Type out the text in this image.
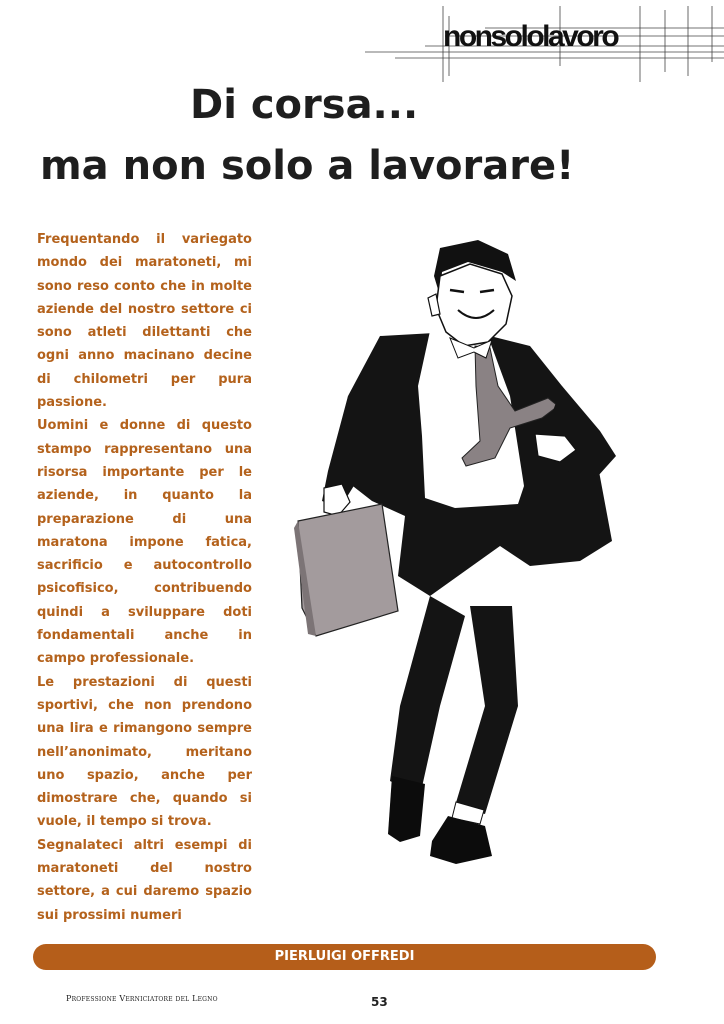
nonsololavoro
Di corsa...
ma non solo a lavorare!

Frequentando il variegato mondo dei maratoneti, mi sono reso conto che in molte aziende del nostro settore ci sono atleti dilettanti che ogni anno macinano decine di chilometri per pura passione.

Uomini e donne di questo stampo rappresentano una risorsa importante per le aziende, in quanto la preparazione di una maratona impone fatica, sacrificio e autocontrollo psicofisico, contribuendo quindi a sviluppare doti fondamentali anche in campo professionale.

Le prestazioni di questi sportivi, che non prendono una lira e rimangono sempre nell’anonimato, meritano uno spazio, anche per dimostrare che, quando si vuole, il tempo si trova.

Segnalateci altri esempi di maratoneti del nostro settore, a cui daremo spazio sui prossimi numeri

PIERLUIGI OFFREDI
Professione Verniciatore del Legno	53
